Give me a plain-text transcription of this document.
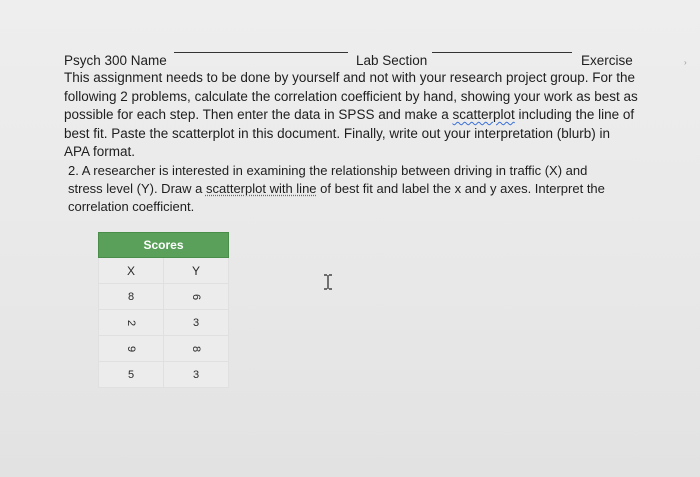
Psych 300 Name	Lab Section	Exercise
This assignment needs to be done by yourself and not with your research project group. For the
following 2 problems, calculate the correlation coefficient by hand, showing your work as best as
possible for each step. Then enter the data in SPSS and make a scatterplot including the line of
best fit. Paste the scatterplot in this document. Finally, write out your interpretation (blurb) in
APA format.
2. A researcher is interested in examining the relationship between driving in traffic (X) and
stress level (Y). Draw a scatterplot with line of best fit and label the x and y axes. Interpret the
correlation coefficient.
Scores
X	Y
8	6
2	3
9	8
5	3
›
